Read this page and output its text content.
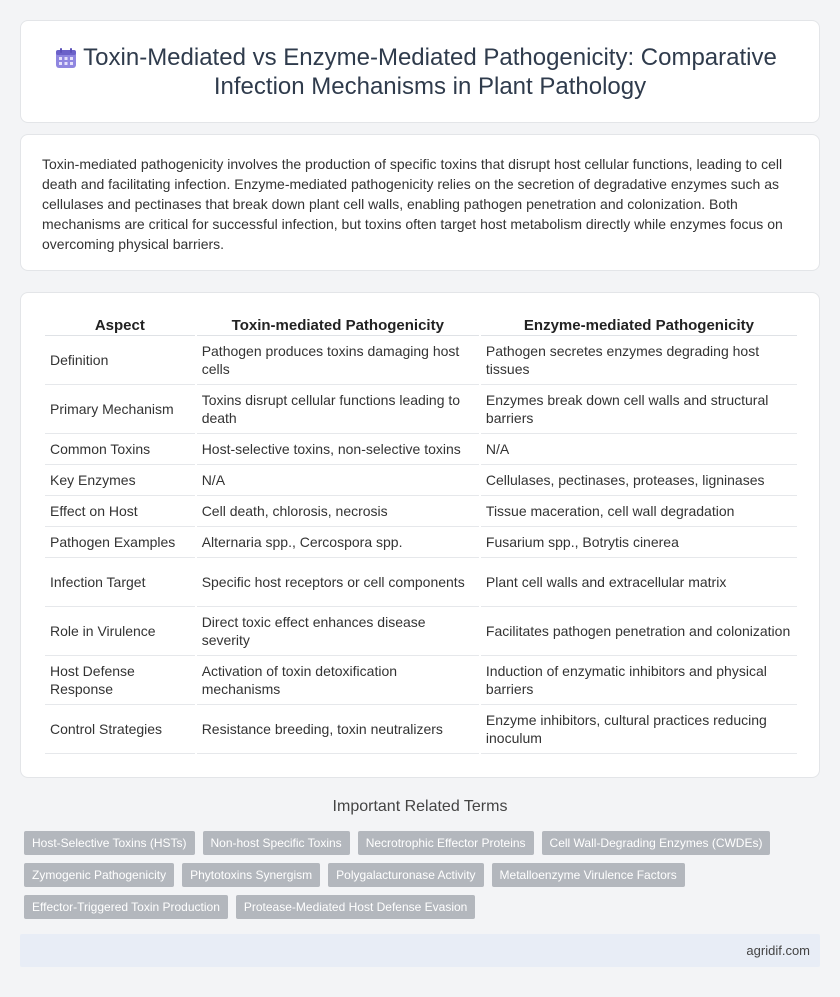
Toxin-Mediated vs Enzyme-Mediated Pathogenicity: Comparative Infection Mechanisms in Plant Pathology

Toxin-mediated pathogenicity involves the production of specific toxins that disrupt host cellular functions, leading to cell death and facilitating infection. Enzyme-mediated pathogenicity relies on the secretion of degradative enzymes such as cellulases and pectinases that break down plant cell walls, enabling pathogen penetration and colonization. Both mechanisms are critical for successful infection, but toxins often target host metabolism directly while enzymes focus on overcoming physical barriers.

Aspect	Toxin-mediated Pathogenicity	Enzyme-mediated Pathogenicity
Definition	Pathogen produces toxins damaging host cells	Pathogen secretes enzymes degrading host tissues
Primary Mechanism	Toxins disrupt cellular functions leading to death	Enzymes break down cell walls and structural barriers
Common Toxins	Host-selective toxins, non-selective toxins	N/A
Key Enzymes	N/A	Cellulases, pectinases, proteases, ligninases
Effect on Host	Cell death, chlorosis, necrosis	Tissue maceration, cell wall degradation
Pathogen Examples	Alternaria spp., Cercospora spp.	Fusarium spp., Botrytis cinerea
Infection Target	Specific host receptors or cell components	Plant cell walls and extracellular matrix
Role in Virulence	Direct toxic effect enhances disease severity	Facilitates pathogen penetration and colonization
Host Defense Response	Activation of toxin detoxification mechanisms	Induction of enzymatic inhibitors and physical barriers
Control Strategies	Resistance breeding, toxin neutralizers	Enzyme inhibitors, cultural practices reducing inoculum
Important Related Terms
Host-Selective Toxins (HSTs)	Non-host Specific Toxins	Necrotrophic Effector Proteins	Cell Wall-Degrading Enzymes (CWDEs)
Zymogenic Pathogenicity	Phytotoxins Synergism	Polygalacturonase Activity	Metalloenzyme Virulence Factors
Effector-Triggered Toxin Production	Protease-Mediated Host Defense Evasion
agridif.com
